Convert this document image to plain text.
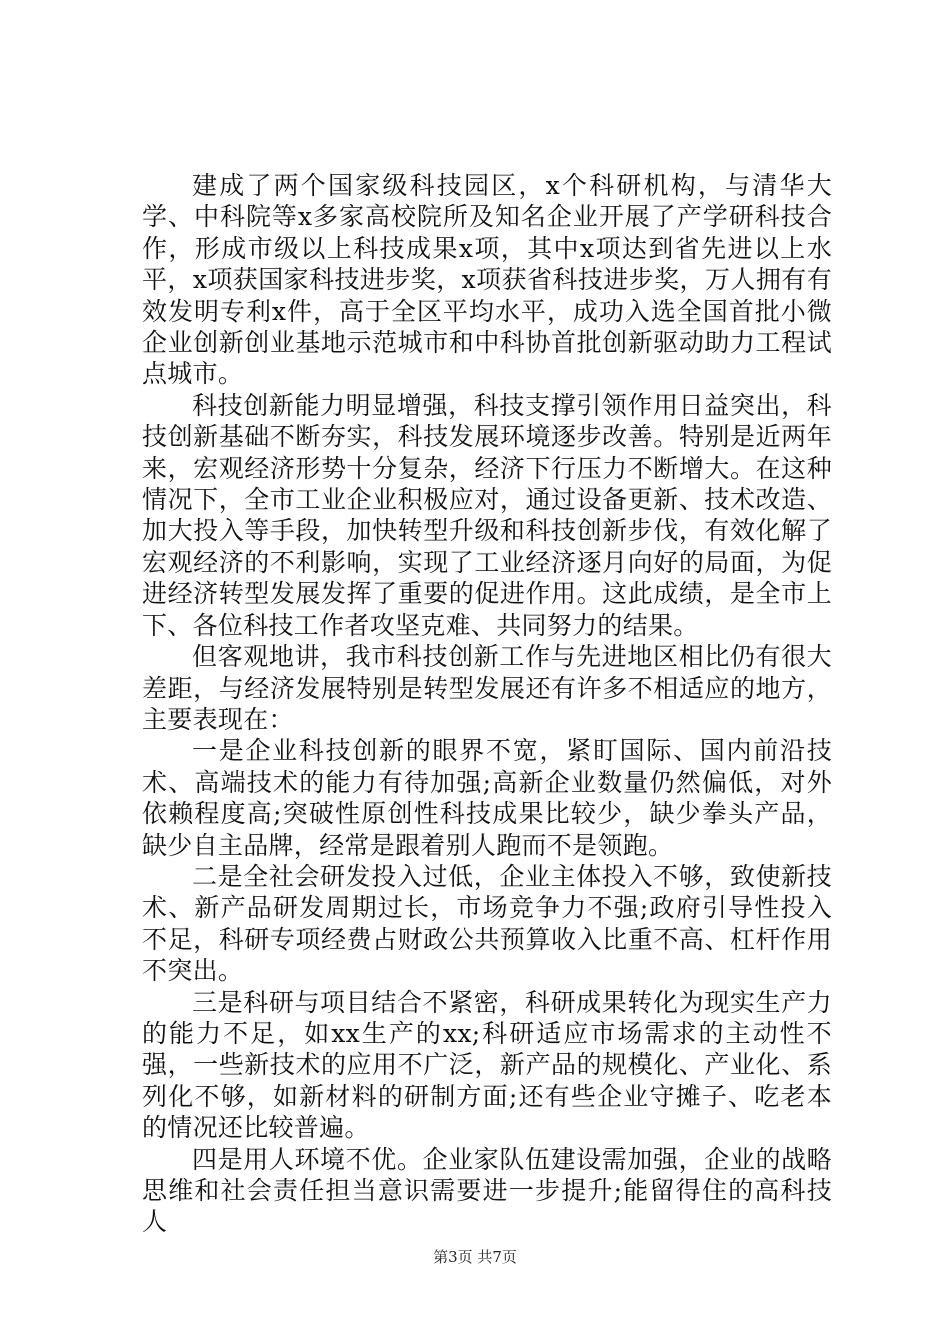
建成了两个国家级科技园区，x个科研机构，与清华大学、中科院等x多家高校院所及知名企业开展了产学研科技合作，形成市级以上科技成果x项，其中x项达到省先进以上水平，x项获国家科技进步奖，x项获省科技进步奖，万人拥有有效发明专利x件，高于全区平均水平，成功入选全国首批小微企业创新创业基地示范城市和中科协首批创新驱动助力工程试点城市。

科技创新能力明显增强，科技支撑引领作用日益突出，科技创新基础不断夯实，科技发展环境逐步改善。特别是近两年来，宏观经济形势十分复杂，经济下行压力不断增大。在这种情况下，全市工业企业积极应对，通过设备更新、技术改造、加大投入等手段，加快转型升级和科技创新步伐，有效化解了宏观经济的不利影响，实现了工业经济逐月向好的局面，为促进经济转型发展发挥了重要的促进作用。这此成绩，是全市上下、各位科技工作者攻坚克难、共同努力的结果。

但客观地讲，我市科技创新工作与先进地区相比仍有很大差距，与经济发展特别是转型发展还有许多不相适应的地方，主要表现在：

一是企业科技创新的眼界不宽，紧盯国际、国内前沿技术、高端技术的能力有待加强;高新企业数量仍然偏低，对外依赖程度高;突破性原创性科技成果比较少，缺少拳头产品，缺少自主品牌，经常是跟着别人跑而不是领跑。

二是全社会研发投入过低，企业主体投入不够，致使新技术、新产品研发周期过长，市场竞争力不强;政府引导性投入不足，科研专项经费占财政公共预算收入比重不高、杠杆作用不突出。

三是科研与项目结合不紧密，科研成果转化为现实生产力的能力不足，如xx生产的xx;科研适应市场需求的主动性不强，一些新技术的应用不广泛，新产品的规模化、产业化、系列化不够，如新材料的研制方面;还有些企业守摊子、吃老本的情况还比较普遍。

四是用人环境不优。企业家队伍建设需加强，企业的战略思维和社会责任担当意识需要进一步提升;能留得住的高科技人

第3页 共7页
